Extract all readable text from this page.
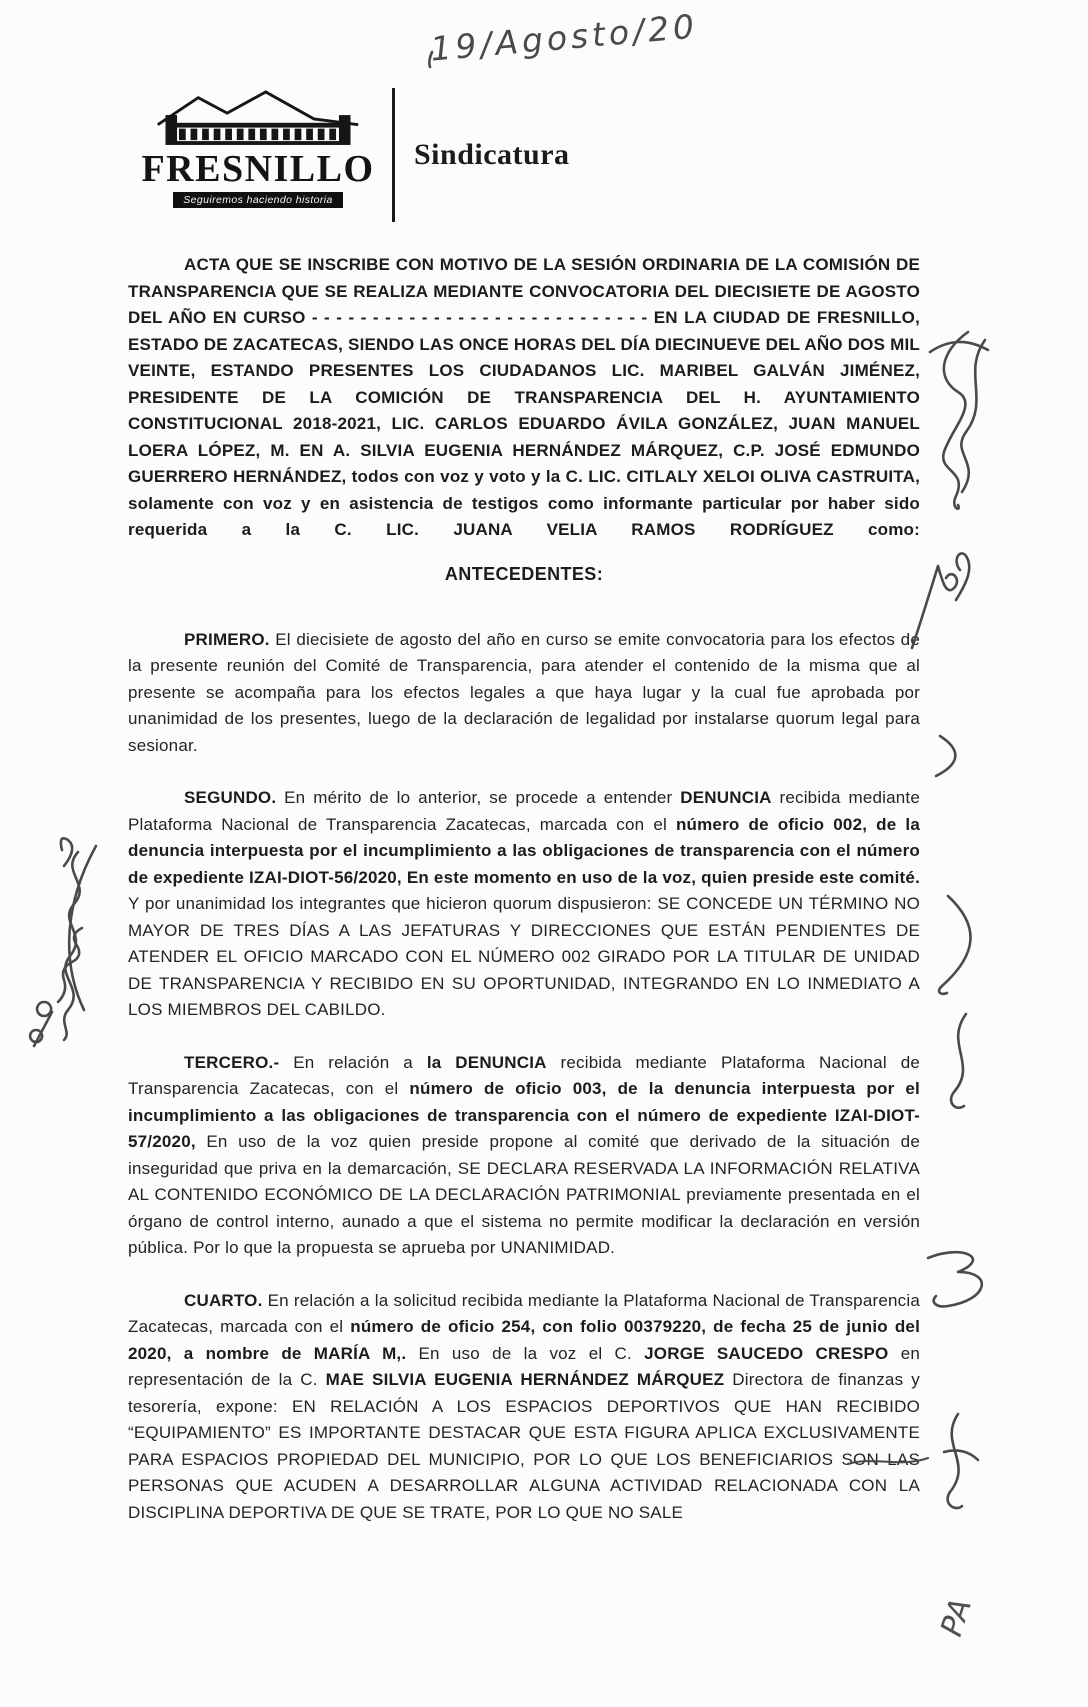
19/Agosto/20
FRESNILLO
Seguiremos haciendo historia
Sindicatura

ACTA QUE SE INSCRIBE CON MOTIVO DE LA SESIÓN ORDINARIA DE LA COMISIÓN DE TRANSPARENCIA QUE SE REALIZA MEDIANTE CONVOCATORIA DEL DIECISIETE DE AGOSTO DEL AÑO EN CURSO - - - - - - - - - - - - - - - - - - - - - - - - - - - - EN LA CIUDAD DE FRESNILLO, ESTADO DE ZACATECAS, SIENDO LAS ONCE HORAS DEL DÍA DIECINUEVE DEL AÑO DOS MIL VEINTE, ESTANDO PRESENTES LOS CIUDADANOS LIC. MARIBEL GALVÁN JIMÉNEZ, PRESIDENTE DE LA COMICIÓN DE TRANSPARENCIA DEL H. AYUNTAMIENTO CONSTITUCIONAL 2018-2021, LIC. CARLOS EDUARDO ÁVILA GONZÁLEZ, JUAN MANUEL LOERA LÓPEZ, M. EN A. SILVIA EUGENIA HERNÁNDEZ MÁRQUEZ, C.P. JOSÉ EDMUNDO GUERRERO HERNÁNDEZ, todos con voz y voto y la C. LIC. CITLALY XELOI OLIVA CASTRUITA, solamente con voz y en asistencia de testigos como informante particular por haber sido requerida a la C. LIC. JUANA VELIA RAMOS RODRÍGUEZ como:

ANTECEDENTES:

PRIMERO. El diecisiete de agosto del año en curso se emite convocatoria para los efectos de la presente reunión del Comité de Transparencia, para atender el contenido de la misma que al presente se acompaña para los efectos legales a que haya lugar y la cual fue aprobada por unanimidad de los presentes, luego de la declaración de legalidad por instalarse quorum legal para sesionar.

SEGUNDO. En mérito de lo anterior, se procede a entender DENUNCIA recibida mediante Plataforma Nacional de Transparencia Zacatecas, marcada con el número de oficio 002, de la denuncia interpuesta por el incumplimiento a las obligaciones de transparencia con el número de expediente IZAI-DIOT-56/2020, En este momento en uso de la voz, quien preside este comité. Y por unanimidad los integrantes que hicieron quorum dispusieron: SE CONCEDE UN TÉRMINO NO MAYOR DE TRES DÍAS A LAS JEFATURAS Y DIRECCIONES QUE ESTÁN PENDIENTES DE ATENDER EL OFICIO MARCADO CON EL NÚMERO 002 GIRADO POR LA TITULAR DE UNIDAD DE TRANSPARENCIA Y RECIBIDO EN SU OPORTUNIDAD, INTEGRANDO EN LO INMEDIATO A LOS MIEMBROS DEL CABILDO.

TERCERO.- En relación a la DENUNCIA recibida mediante Plataforma Nacional de Transparencia Zacatecas, con el número de oficio 003, de la denuncia interpuesta por el incumplimiento a las obligaciones de transparencia con el número de expediente IZAI-DIOT-57/2020, En uso de la voz quien preside propone al comité que derivado de la situación de inseguridad que priva en la demarcación, SE DECLARA RESERVADA LA INFORMACIÓN RELATIVA AL CONTENIDO ECONÓMICO DE LA DECLARACIÓN PATRIMONIAL previamente presentada en el órgano de control interno, aunado a que el sistema no permite modificar la declaración en versión pública. Por lo que la propuesta se aprueba por UNANIMIDAD.

CUARTO. En relación a la solicitud recibida mediante la Plataforma Nacional de Transparencia Zacatecas, marcada con el número de oficio 254, con folio 00379220, de fecha 25 de junio del 2020, a nombre de MARÍA M,. En uso de la voz el C. JORGE SAUCEDO CRESPO en representación de la C. MAE SILVIA EUGENIA HERNÁNDEZ MÁRQUEZ Directora de finanzas y tesorería, expone: EN RELACIÓN A LOS ESPACIOS DEPORTIVOS QUE HAN RECIBIDO “EQUIPAMIENTO” ES IMPORTANTE DESTACAR QUE ESTA FIGURA APLICA EXCLUSIVAMENTE PARA ESPACIOS PROPIEDAD DEL MUNICIPIO, POR LO QUE LOS BENEFICIARIOS SON LAS PERSONAS QUE ACUDEN A DESARROLLAR ALGUNA ACTIVIDAD RELACIONADA CON LA DISCIPLINA DEPORTIVA DE QUE SE TRATE, POR LO QUE NO SALE

PA
